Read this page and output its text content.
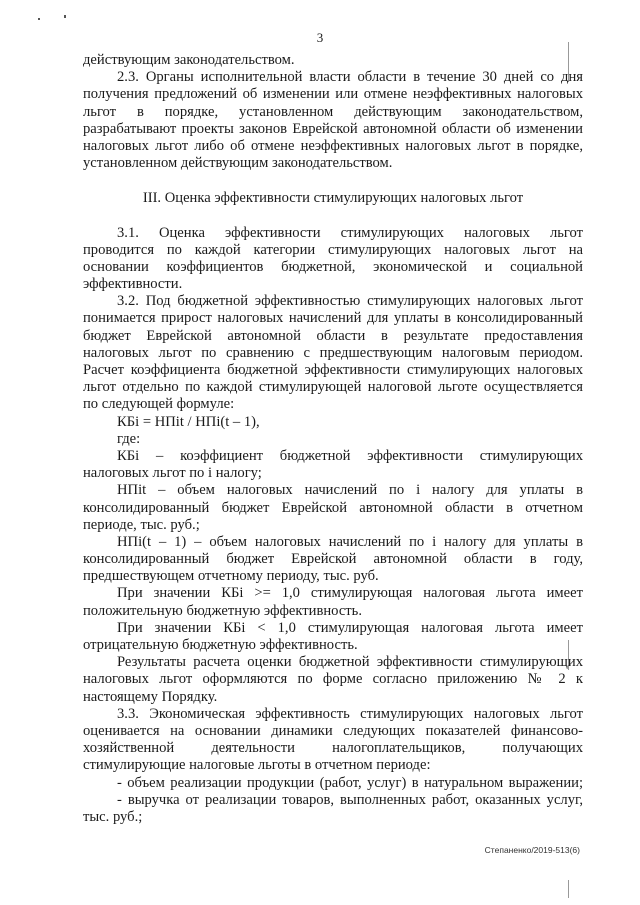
3
действующим законодательством.
2.3. Органы исполнительной власти области в течение 30 дней со дня
получения предложений об изменении или отмене неэффективных налоговых
льгот в порядке, установленном действующим законодательством,
разрабатывают проекты законов Еврейской автономной области об изменении
налоговых льгот либо об отмене неэффективных налоговых льгот в порядке,
установленном действующим законодательством.
III. Оценка эффективности стимулирующих налоговых льгот
3.1. Оценка эффективности стимулирующих налоговых льгот
проводится по каждой категории стимулирующих налоговых льгот на
основании коэффициентов бюджетной, экономической и социальной
эффективности.
3.2. Под бюджетной эффективностью стимулирующих налоговых льгот
понимается прирост налоговых начислений для уплаты в консолидированный
бюджет Еврейской автономной области в результате предоставления
налоговых льгот по сравнению с предшествующим налоговым периодом.
Расчет коэффициента бюджетной эффективности стимулирующих налоговых
льгот отдельно по каждой стимулирующей налоговой льготе осуществляется
по следующей формуле:
КБi = НПit / НПi(t – 1),
где:
КБi – коэффициент бюджетной эффективности стимулирующих
налоговых льгот по i налогу;
НПit – объем налоговых начислений по i налогу для уплаты в
консолидированный бюджет Еврейской автономной области в отчетном
периоде, тыс. руб.;
НПi(t – 1) – объем налоговых начислений по i налогу для уплаты в
консолидированный бюджет Еврейской автономной области в году,
предшествующем отчетному периоду, тыс. руб.
При значении КБi >= 1,0 стимулирующая налоговая льгота имеет
положительную бюджетную эффективность.
При значении КБi < 1,0 стимулирующая налоговая льгота имеет
отрицательную бюджетную эффективность.
Результаты расчета оценки бюджетной эффективности стимулирующих
налоговых льгот оформляются по форме согласно приложению № 2 к
настоящему Порядку.
3.3. Экономическая эффективность стимулирующих налоговых льгот
оценивается на основании динамики следующих показателей финансово-
хозяйственной деятельности налогоплательщиков, получающих
стимулирующие налоговые льготы в отчетном периоде:
- объем реализации продукции (работ, услуг) в натуральном выражении;
- выручка от реализации товаров, выполненных работ, оказанных услуг,
тыс. руб.;
Степаненко/2019-513(6)
